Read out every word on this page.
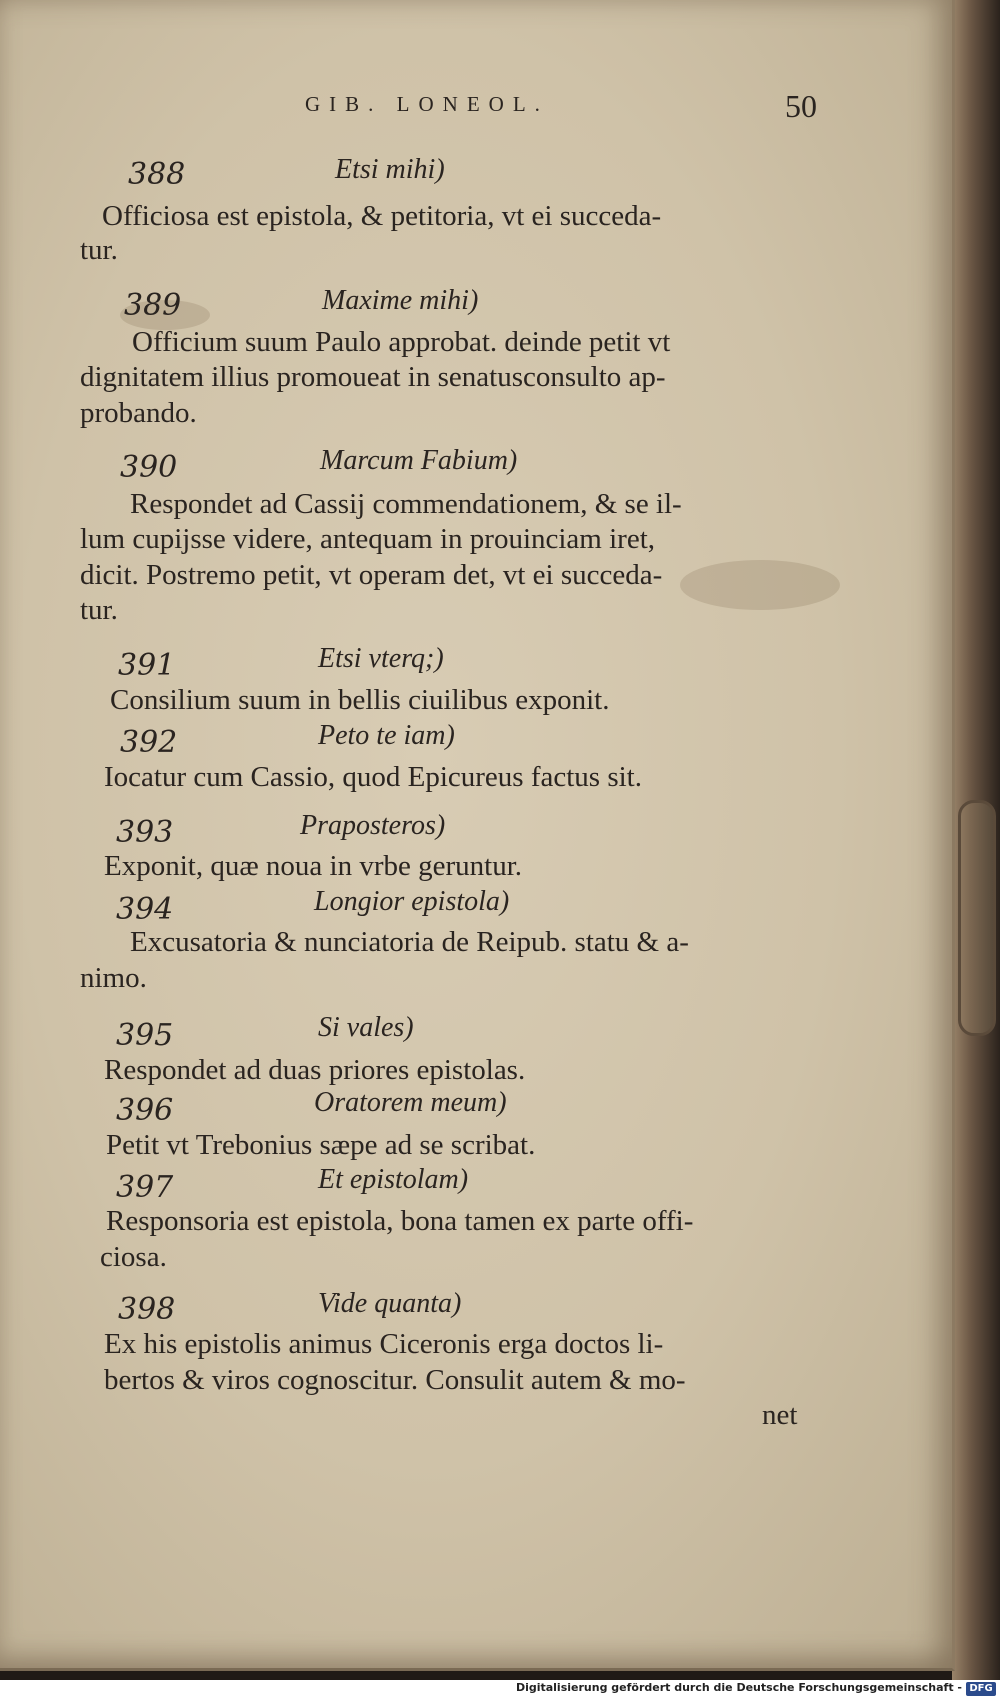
GIB. LONEOL.	50
388	Etsi mihi)
Officiosa est epistola, & petitoria, vt ei succeda-
tur.
389	Maxime mihi)
Officium suum Paulo approbat. deinde petit vt
dignitatem illius promoueat in senatusconsulto ap-
probando.
390	Marcum Fabium)
Respondet ad Cassij commendationem, & se il-
lum cupijsse videre, antequam in prouinciam iret,
dicit. Postremo petit, vt operam det, vt ei succeda-
tur.
391	Etsi vterq;)
Consilium suum in bellis ciuilibus exponit.
392	Peto te iam)
Iocatur cum Cassio, quod Epicureus factus sit.
393	Praposteros)
Exponit, quæ noua in vrbe geruntur.
394	Longior epistola)
Excusatoria & nunciatoria de Reipub. statu & a-
nimo.
395	Si vales)
Respondet ad duas priores epistolas.
396	Oratorem meum)
Petit vt Trebonius sæpe ad se scribat.
397	Et epistolam)
Responsoria est epistola, bona tamen ex parte offi-
ciosa.
398	Vide quanta)
Ex his epistolis animus Ciceronis erga doctos li-
bertos & viros cognoscitur. Consulit autem & mo-
net
Digitalisierung gefördert durch die Deutsche Forschungsgemeinschaft - DFG
